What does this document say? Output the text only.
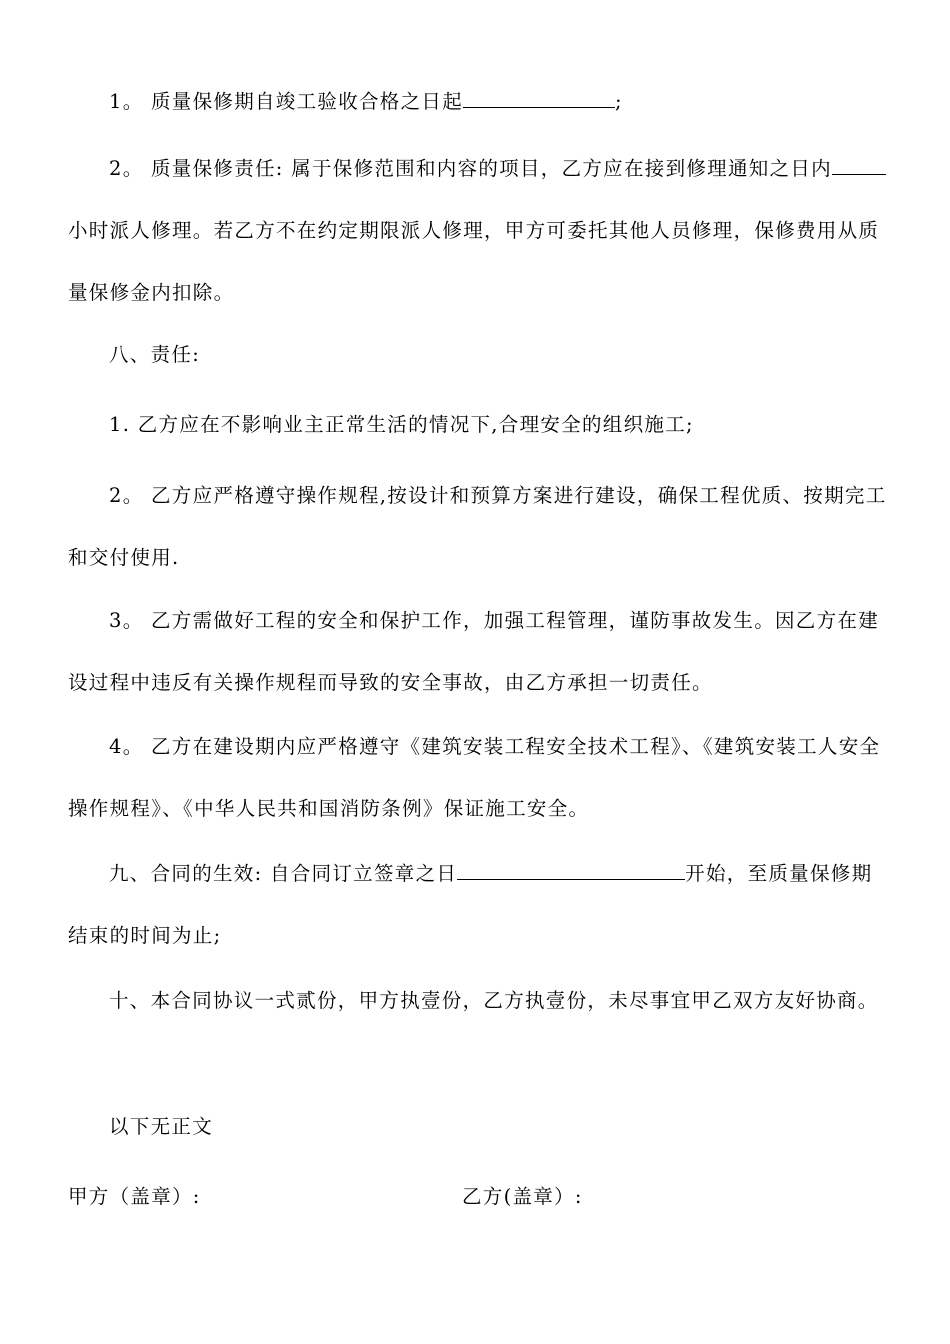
1。 质量保修期自竣工验收合格之日起	;
2。 质量保修责任: 属于保修范围和内容的项目，乙方应在接到修理通知之日内小时派人修理。若乙方不在约定期限派人修理，甲方可委托其他人员修理，保修费用从质量保修金内扣除。
八、责任:
1. 乙方应在不影响业主正常生活的情况下,合理安全的组织施工;
2。 乙方应严格遵守操作规程,按设计和预算方案进行建设，确保工程优质、按期完工和交付使用.
3。 乙方需做好工程的安全和保护工作，加强工程管理，谨防事故发生。因乙方在建设过程中违反有关操作规程而导致的安全事故，由乙方承担一切责任。
4。 乙方在建设期内应严格遵守《建筑安装工程安全技术工程》、《建筑安装工人安全操作规程》、《中华人民共和国消防条例》保证施工安全。
九、合同的生效: 自合同订立签章之日	开始，至质量保修期结束的时间为止;
十、本合同协议一式贰份，甲方执壹份，乙方执壹份，未尽事宜甲乙双方友好协商。
以下无正文
甲方（盖章）:	乙方(盖章）:
